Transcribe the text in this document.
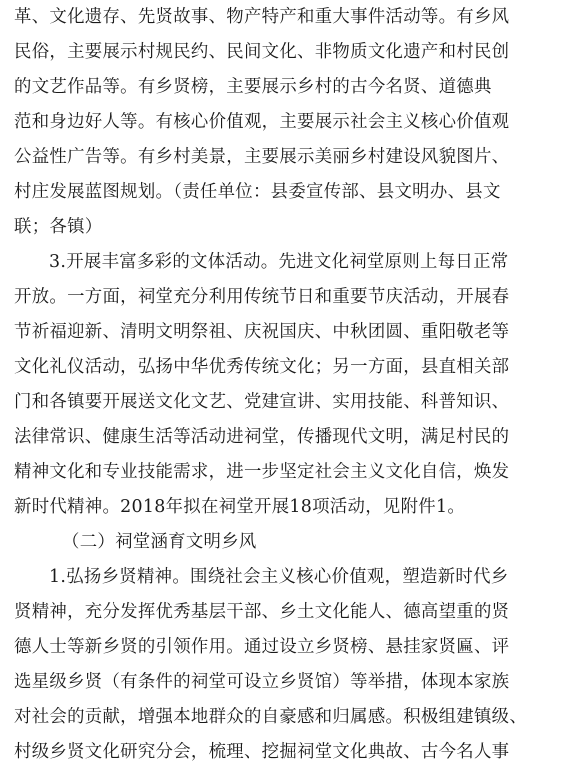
革、文化遗存、先贤故事、物产特产和重大事件活动等。有乡风
民俗，主要展示村规民约、民间文化、非物质文化遗产和村民创
的文艺作品等。有乡贤榜，主要展示乡村的古今名贤、道德典
范和身边好人等。有核心价值观，主要展示社会主义核心价值观
公益性广告等。有乡村美景，主要展示美丽乡村建设风貌图片、
村庄发展蓝图规划。（责任单位：县委宣传部、县文明办、县文
联；各镇）
3.开展丰富多彩的文体活动。先进文化祠堂原则上每日正常
开放。一方面，祠堂充分利用传统节日和重要节庆活动，开展春
节祈福迎新、清明文明祭祖、庆祝国庆、中秋团圆、重阳敬老等
文化礼仪活动，弘扬中华优秀传统文化；另一方面，县直相关部
门和各镇要开展送文化文艺、党建宣讲、实用技能、科普知识、
法律常识、健康生活等活动进祠堂，传播现代文明，满足村民的
精神文化和专业技能需求，进一步坚定社会主义文化自信，焕发
新时代精神。2018年拟在祠堂开展18项活动，见附件1。
（二）祠堂涵育文明乡风
1.弘扬乡贤精神。围绕社会主义核心价值观，塑造新时代乡
贤精神，充分发挥优秀基层干部、乡土文化能人、德高望重的贤
德人士等新乡贤的引领作用。通过设立乡贤榜、悬挂家贤匾、评
选星级乡贤（有条件的祠堂可设立乡贤馆）等举措，体现本家族
对社会的贡献，增强本地群众的自豪感和归属感。积极组建镇级、
村级乡贤文化研究分会，梳理、挖掘祠堂文化典故、古今名人事
